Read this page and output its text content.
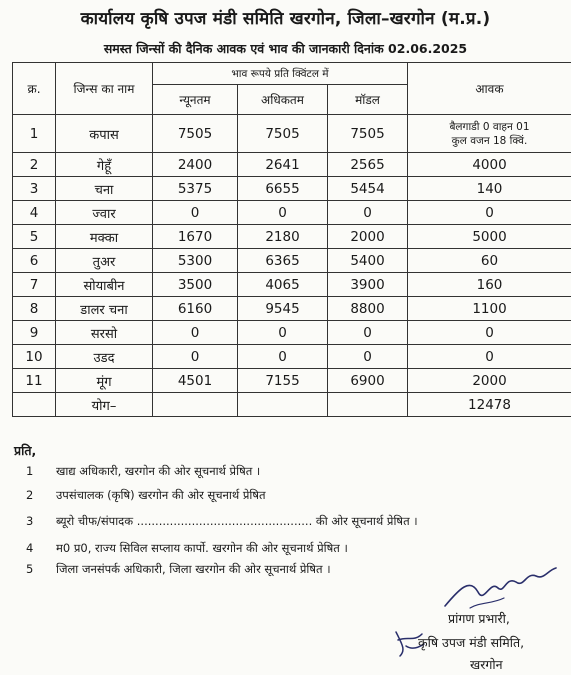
कार्यालय कृषि उपज मंडी समिति खरगोन, जिला–खरगोन (म.प्र.)
समस्त जिन्सों की दैनिक आवक एवं भाव की जानकारी दिनांक 02.06.2025
क्र.	जिन्स का नाम	भाव रूपये प्रति क्विंटल में			आवक
		न्यूनतम	अधिकतम	मॉडल	
1	कपास	7505	7505	7505	बैलगाडी 0 वाहन 01
कुल वजन 18 क्विं.

2	गेहूँ	2400	2641	2565	4000
3	चना	5375	6655	5454	140
4	ज्वार	0	0	0	0
5	मक्का	1670	2180	2000	5000
6	तुअर	5300	6365	5400	60
7	सोयाबीन	3500	4065	3900	160
8	डालर चना	6160	9545	8800	1100
9	सरसो	0	0	0	0
10	उडद	0	0	0	0
11	मूंग	4501	7155	6900	2000
	योग–				12478
प्रति,
1 खाद्य अधिकारी, खरगोन की ओर सूचनार्थ प्रेषित ।
2 उपसंचालक (कृषि) खरगोन की ओर सूचनार्थ प्रेषित
3 ब्यूरो चीफ/संपादक ................................................ की ओर सूचनार्थ प्रेषित ।
4 म0 प्र0, राज्य सिविल सप्लाय कार्पो. खरगोन की ओर सूचनार्थ प्रेषित ।
5 जिला जनसंपर्क अधिकारी, जिला खरगोन की ओर सूचनार्थ प्रेषित ।
प्रांगण प्रभारी,
कृषि उपज मंडी समिति,
खरगोन
